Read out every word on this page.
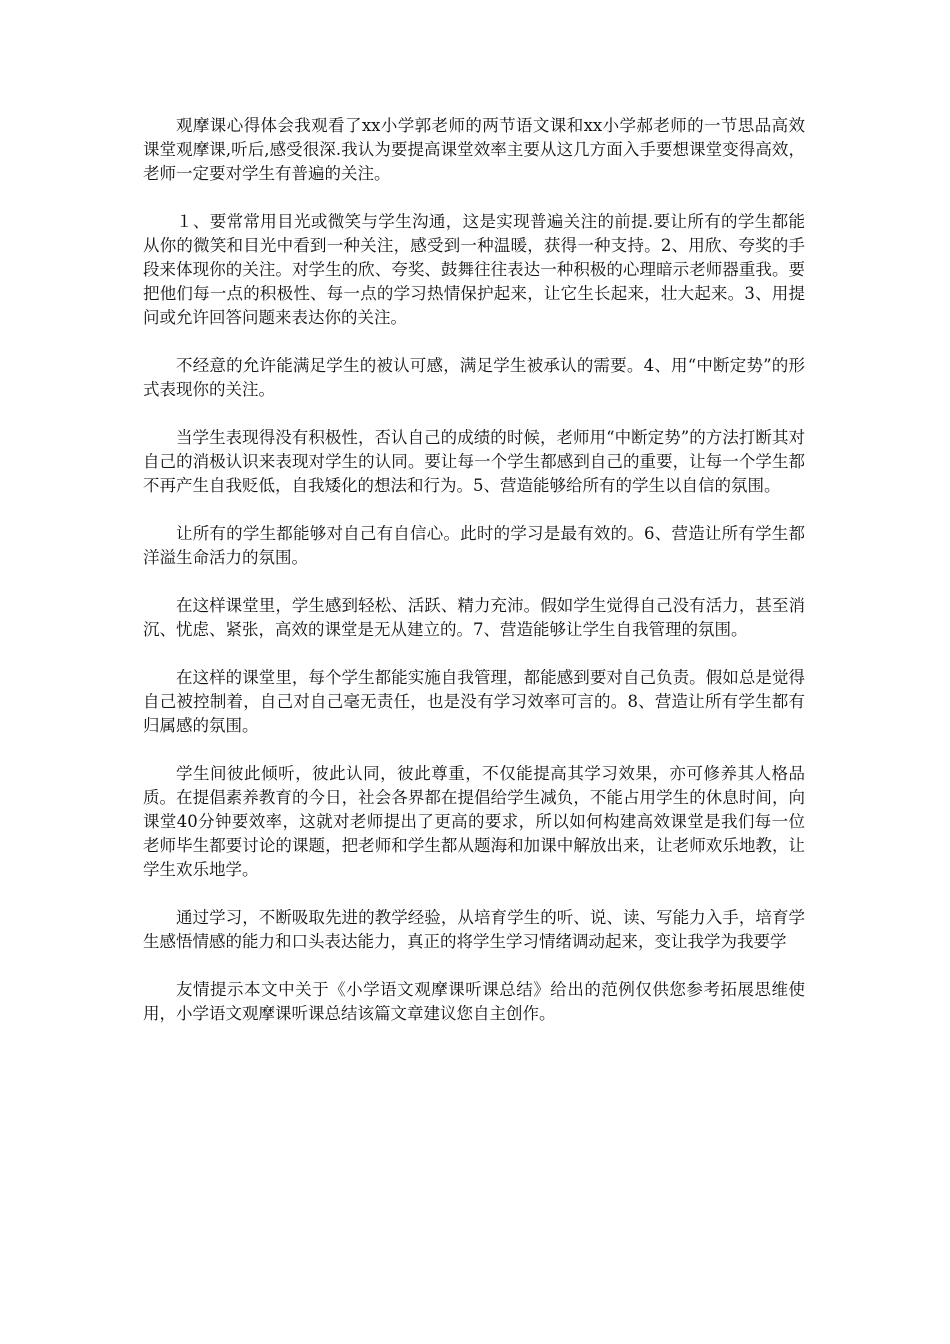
观摩课心得体会我观看了xx小学郭老师的两节语文课和xx小学郝老师的一节思品高效课堂观摩课,听后,感受很深.我认为要提高课堂效率主要从这几方面入手要想课堂变得高效，老师一定要对学生有普遍的关注。

１、要常常用目光或微笑与学生沟通，这是实现普遍关注的前提.要让所有的学生都能从你的微笑和目光中看到一种关注，感受到一种温暖，获得一种支持。2、用欣、夸奖的手段来体现你的关注。对学生的欣、夸奖、鼓舞往往表达一种积极的心理暗示老师器重我。要把他们每一点的积极性、每一点的学习热情保护起来，让它生长起来，壮大起来。3、用提问或允许回答问题来表达你的关注。

不经意的允许能满足学生的被认可感，满足学生被承认的需要。4、用“中断定势”的形式表现你的关注。

当学生表现得没有积极性，否认自己的成绩的时候，老师用“中断定势”的方法打断其对自己的消极认识来表现对学生的认同。要让每一个学生都感到自己的重要，让每一个学生都不再产生自我贬低，自我矮化的想法和行为。5、营造能够给所有的学生以自信的氛围。

让所有的学生都能够对自己有自信心。此时的学习是最有效的。6、营造让所有学生都洋溢生命活力的氛围。

在这样课堂里，学生感到轻松、活跃、精力充沛。假如学生觉得自己没有活力，甚至消沉、忧虑、紧张，高效的课堂是无从建立的。7、营造能够让学生自我管理的氛围。

在这样的课堂里，每个学生都能实施自我管理，都能感到要对自己负责。假如总是觉得自己被控制着，自己对自己毫无责任，也是没有学习效率可言的。8、营造让所有学生都有归属感的氛围。

学生间彼此倾听，彼此认同，彼此尊重，不仅能提高其学习效果，亦可修养其人格品质。在提倡素养教育的今日，社会各界都在提倡给学生减负，不能占用学生的休息时间，向课堂40分钟要效率，这就对老师提出了更高的要求，所以如何构建高效课堂是我们每一位老师毕生都要讨论的课题，把老师和学生都从题海和加课中解放出来，让老师欢乐地教，让学生欢乐地学。

通过学习，不断吸取先进的教学经验，从培育学生的听、说、读、写能力入手，培育学生感悟情感的能力和口头表达能力，真正的将学生学习情绪调动起来，变让我学为我要学

友情提示本文中关于《小学语文观摩课听课总结》给出的范例仅供您参考拓展思维使用，小学语文观摩课听课总结该篇文章建议您自主创作。
